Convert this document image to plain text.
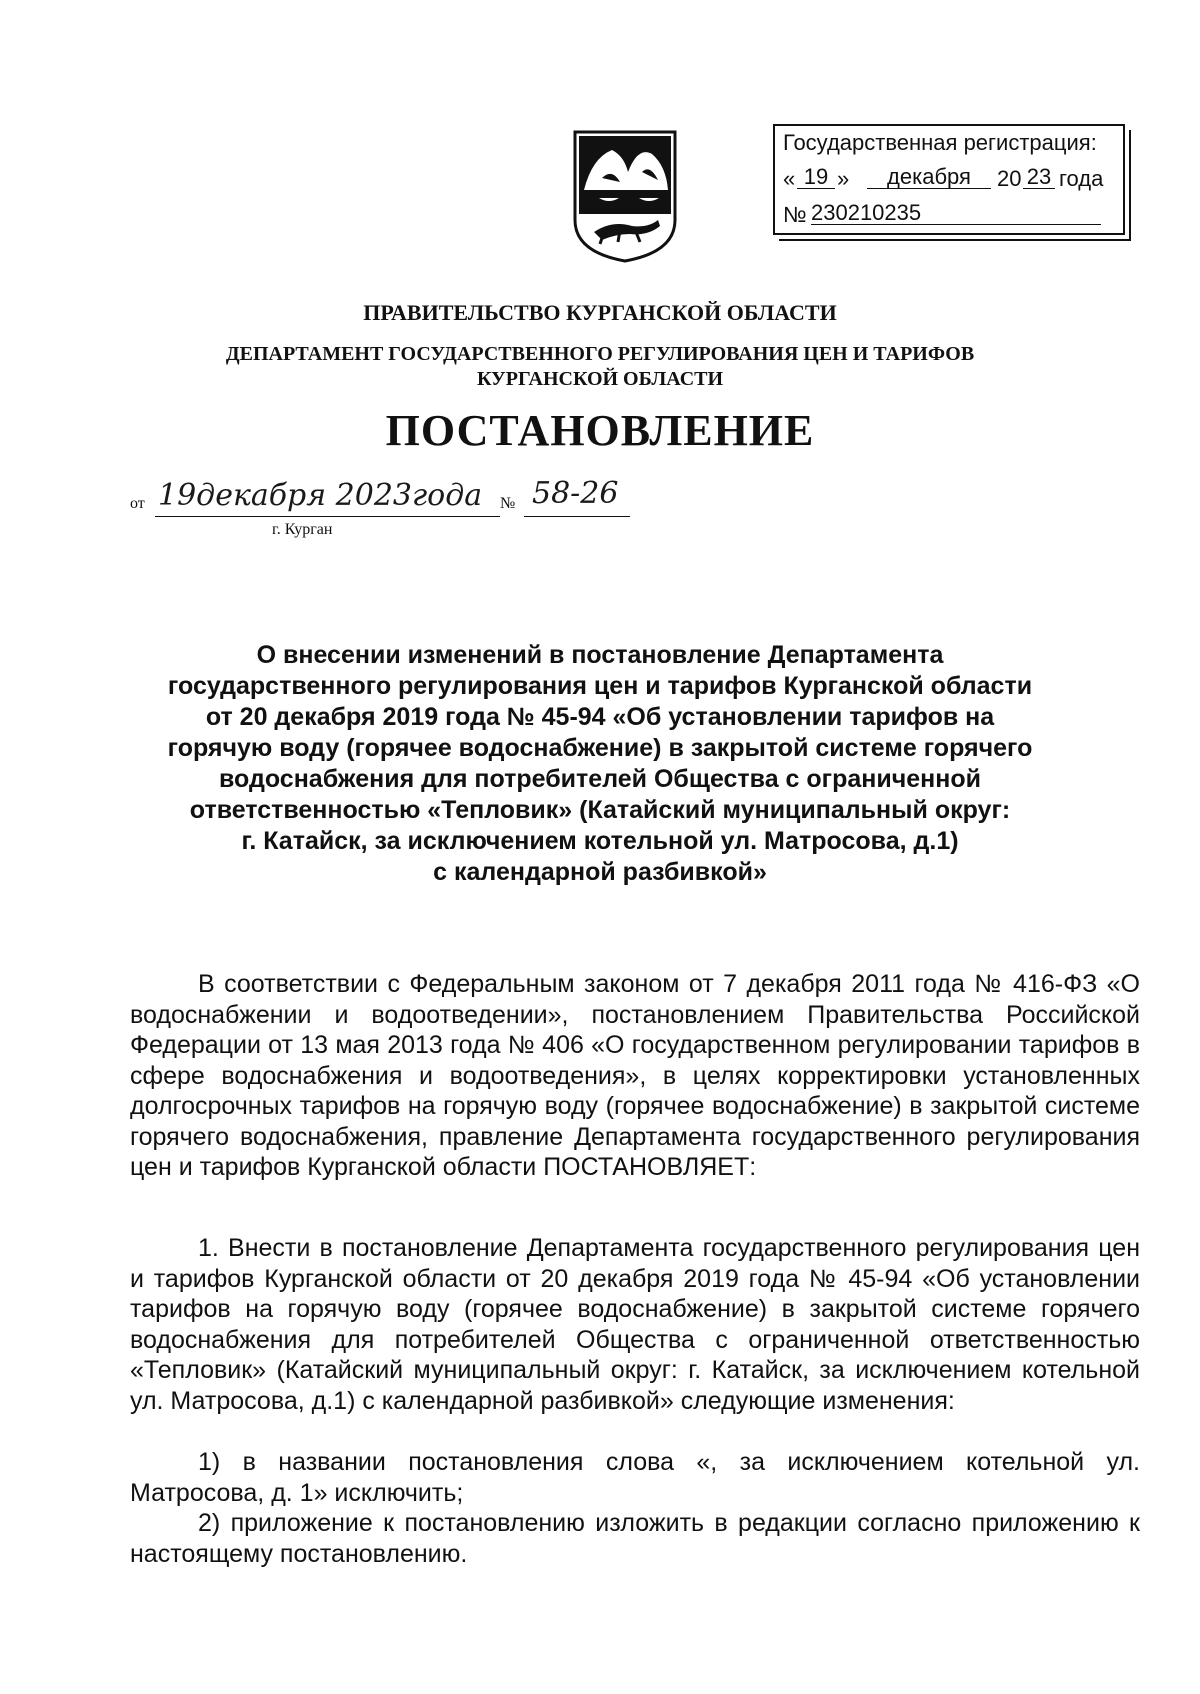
Государственная регистрация:
« 19 »	декабря	20 23 года
№ 230210235
ПРАВИТЕЛЬСТВО КУРГАНСКОЙ ОБЛАСТИ
ДЕПАРТАМЕНТ ГОСУДАРСТВЕННОГО РЕГУЛИРОВАНИЯ ЦЕН И ТАРИФОВ
КУРГАНСКОЙ ОБЛАСТИ
ПОСТАНОВЛЕНИЕ
от 19декабря 2023года № 58-26
г. Курган
О внесении изменений в постановление Департамента
государственного регулирования цен и тарифов Курганской области
от 20 декабря 2019 года № 45-94 «Об установлении тарифов на
горячую воду (горячее водоснабжение) в закрытой системе горячего
водоснабжения для потребителей Общества с ограниченной
ответственностью «Тепловик» (Катайский муниципальный округ:
г. Катайск, за исключением котельной ул. Матросова, д.1)
с календарной разбивкой»
В соответствии с Федеральным законом от 7 декабря 2011 года № 416-ФЗ «О водоснабжении и водоотведении», постановлением Правительства Российской Федерации от 13 мая 2013 года № 406 «О государственном регулировании тарифов в сфере водоснабжения и водоотведения», в целях корректировки установленных долгосрочных тарифов на горячую воду (горячее водоснабжение) в закрытой системе горячего водоснабжения, правление Департамента государственного регулирования цен и тарифов Курганской области ПОСТАНОВЛЯЕТ:
1. Внести в постановление Департамента государственного регулирования цен и тарифов Курганской области от 20 декабря 2019 года № 45-94 «Об установлении тарифов на горячую воду (горячее водоснабжение) в закрытой системе горячего водоснабжения для потребителей Общества с ограниченной ответственностью «Тепловик» (Катайский муниципальный округ: г. Катайск, за исключением котельной ул. Матросова, д.1) с календарной разбивкой» следующие изменения:
1) в названии постановления слова «, за исключением котельной ул. Матросова, д. 1» исключить;
2) приложение к постановлению изложить в редакции согласно приложению к настоящему постановлению.
